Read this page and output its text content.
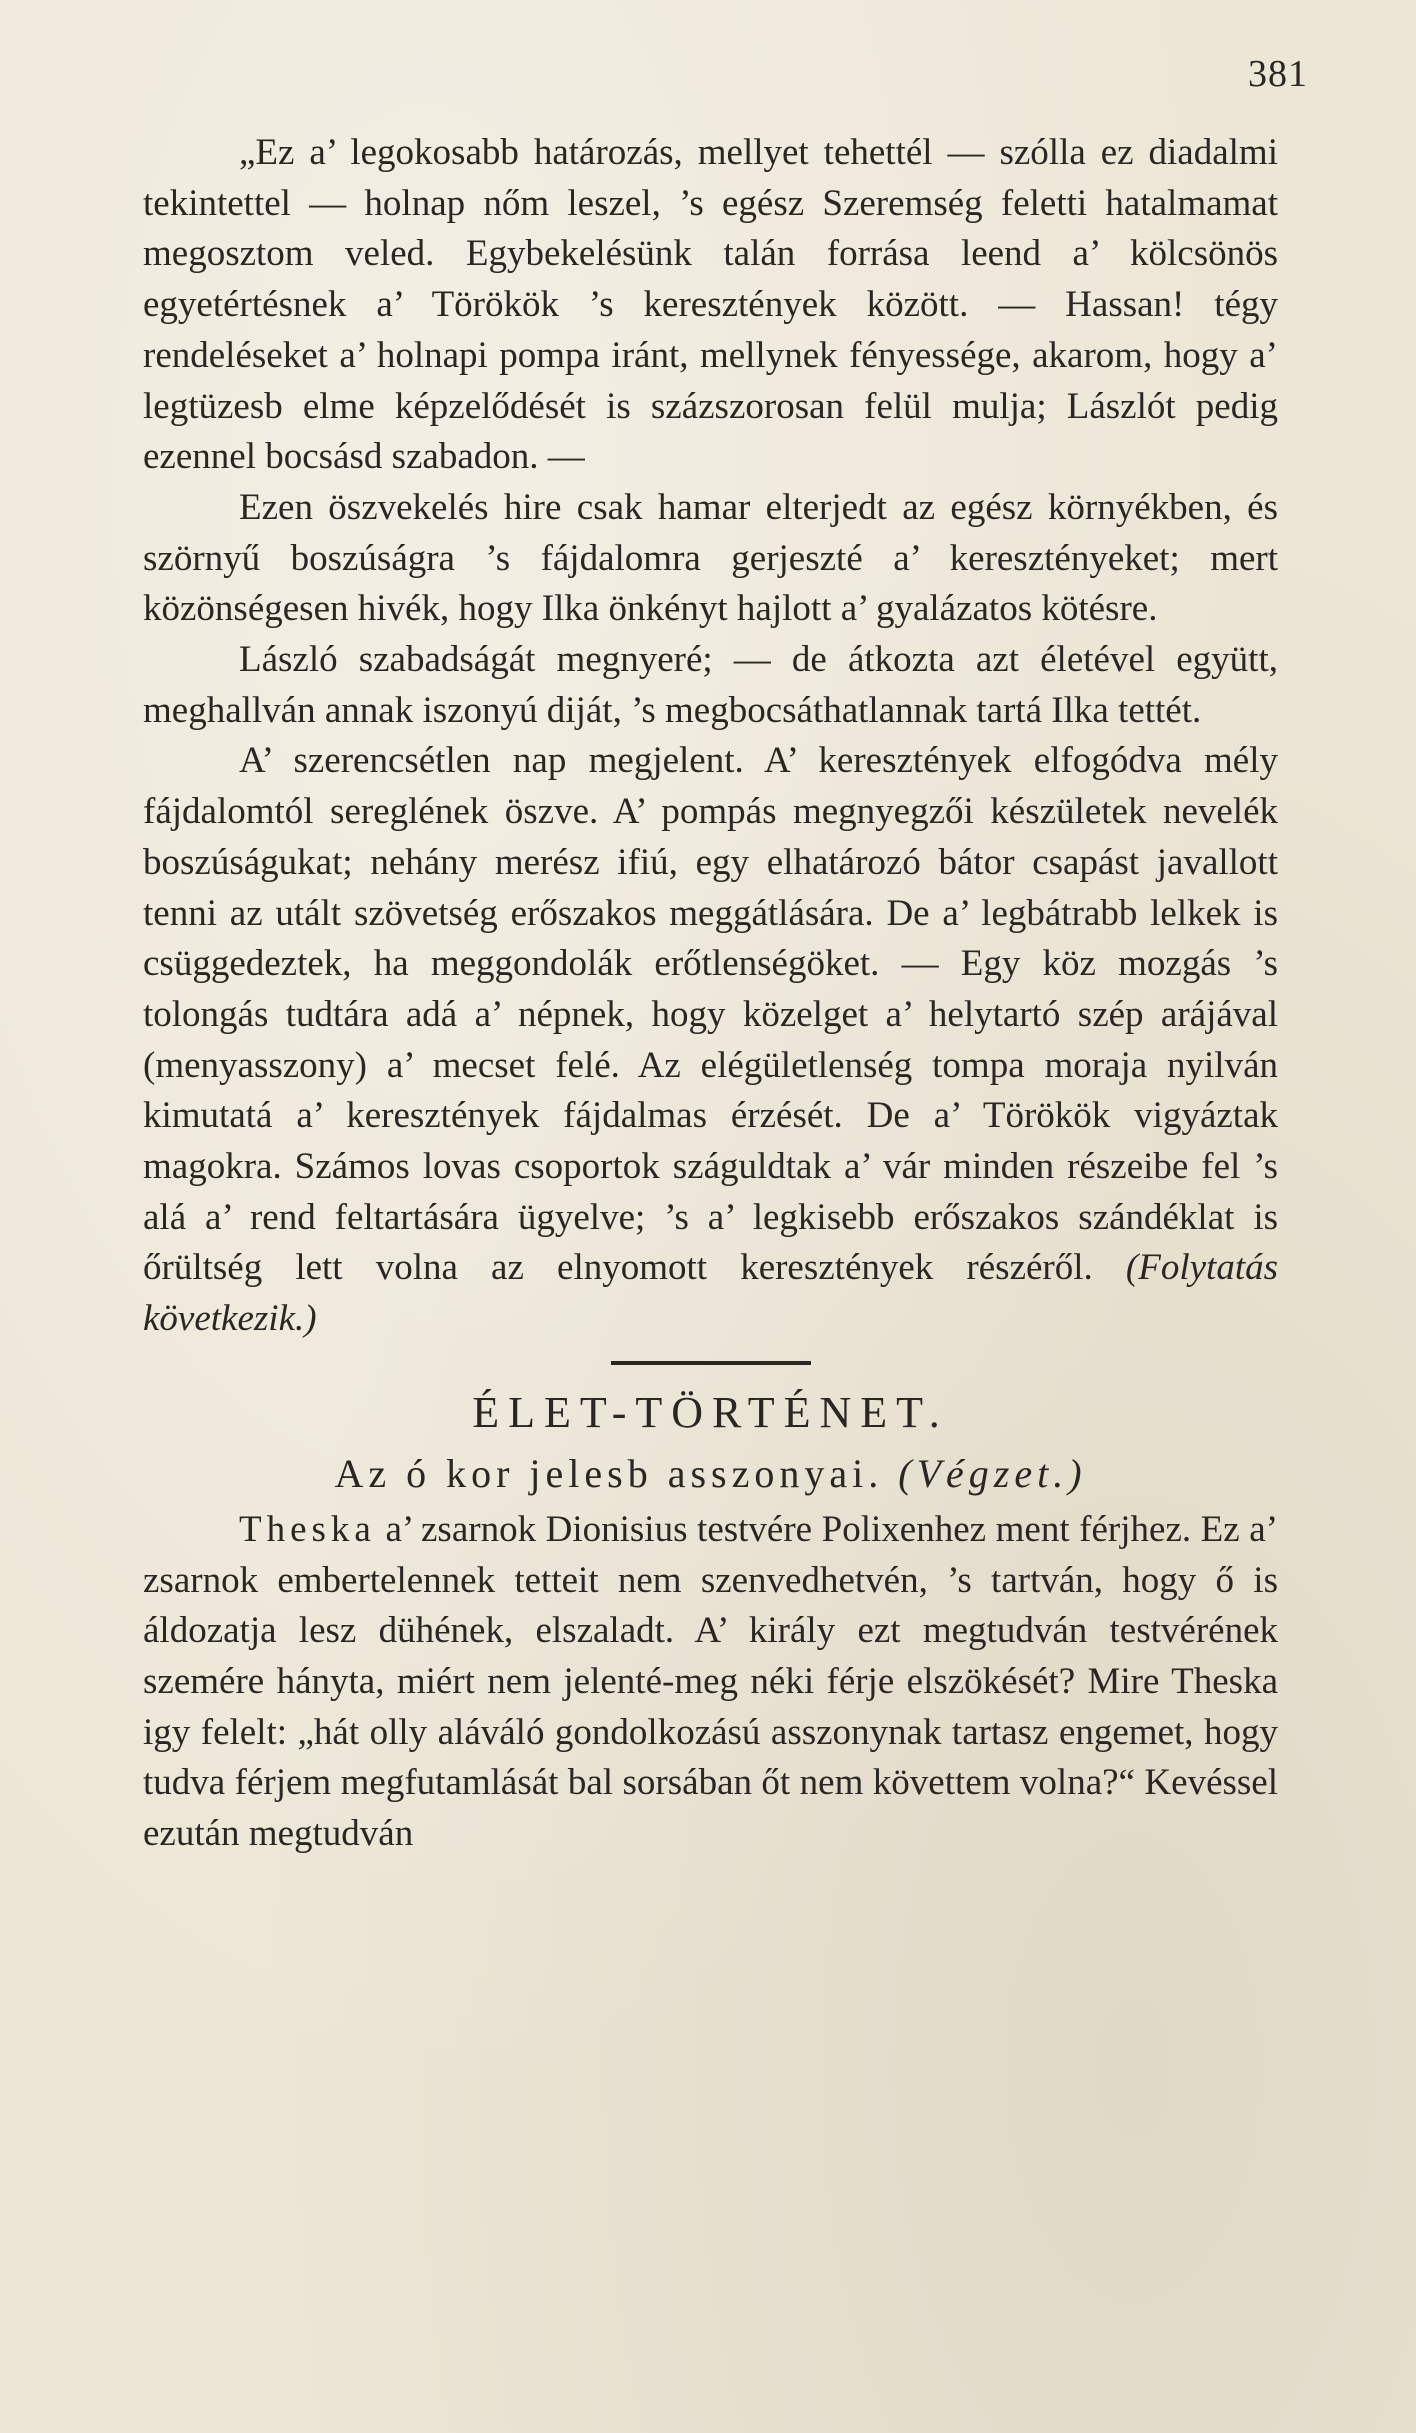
381

„Ez a’ legokosabb határozás, mellyet tehettél — szólla ez diadalmi tekintettel — holnap nőm leszel, ’s egész Szeremség feletti hatalmamat megosztom veled. Egybekelésünk talán forrása leend a’ kölcsönös egyetértésnek a’ Törökök ’s keresztények között. — Hassan! tégy rendeléseket a’ holnapi pompa iránt, mellynek fényessége, akarom, hogy a’ legtüzesb elme képzelődését is százszorosan felül mulja; Lászlót pedig ezennel bocsásd szabadon. —

Ezen öszvekelés hire csak hamar elterjedt az egész környékben, és szörnyű boszúságra ’s fájdalomra gerjeszté a’ keresztényeket; mert közönségesen hivék, hogy Ilka önkényt hajlott a’ gyalázatos kötésre.

László szabadságát megnyeré; — de átkozta azt életével együtt, meghallván annak iszonyú diját, ’s megbocsáthatlannak tartá Ilka tettét.

A’ szerencsétlen nap megjelent. A’ keresztények elfogódva mély fájdalomtól sereglének öszve. A’ pompás megnyegzői készületek nevelék boszúságukat; nehány merész ifiú, egy elhatározó bátor csapást javallott tenni az utált szövetség erőszakos meggátlására. De a’ legbátrabb lelkek is csüggedeztek, ha meggondolák erőtlenségöket. — Egy köz mozgás ’s tolongás tudtára adá a’ népnek, hogy közelget a’ helytartó szép arájával (menyasszony) a’ mecset felé. Az elégületlenség tompa moraja nyilván kimutatá a’ keresztények fájdalmas érzését. De a’ Törökök vigyáztak magokra. Számos lovas csoportok száguldtak a’ vár minden részeibe fel ’s alá a’ rend feltartására ügyelve; ’s a’ legkisebb erőszakos szándéklat is őrültség lett volna az elnyomott keresztények részéről. (Folytatás következik.)

ÉLET-TÖRTÉNET.
Az ó kor jelesb asszonyai. (Végzet.)

Theska a’ zsarnok Dionisius testvére Polixenhez ment férjhez. Ez a’ zsarnok embertelennek tetteit nem szenvedhetvén, ’s tartván, hogy ő is áldozatja lesz dühének, elszaladt. A’ király ezt megtudván testvérének szemére hányta, miért nem jelenté-meg néki férje elszökését? Mire Theska igy felelt: „hát olly aláváló gondolkozású asszonynak tartasz engemet, hogy tudva férjem megfutamlását bal sorsában őt nem követtem volna?“ Kevéssel ezután megtudván
